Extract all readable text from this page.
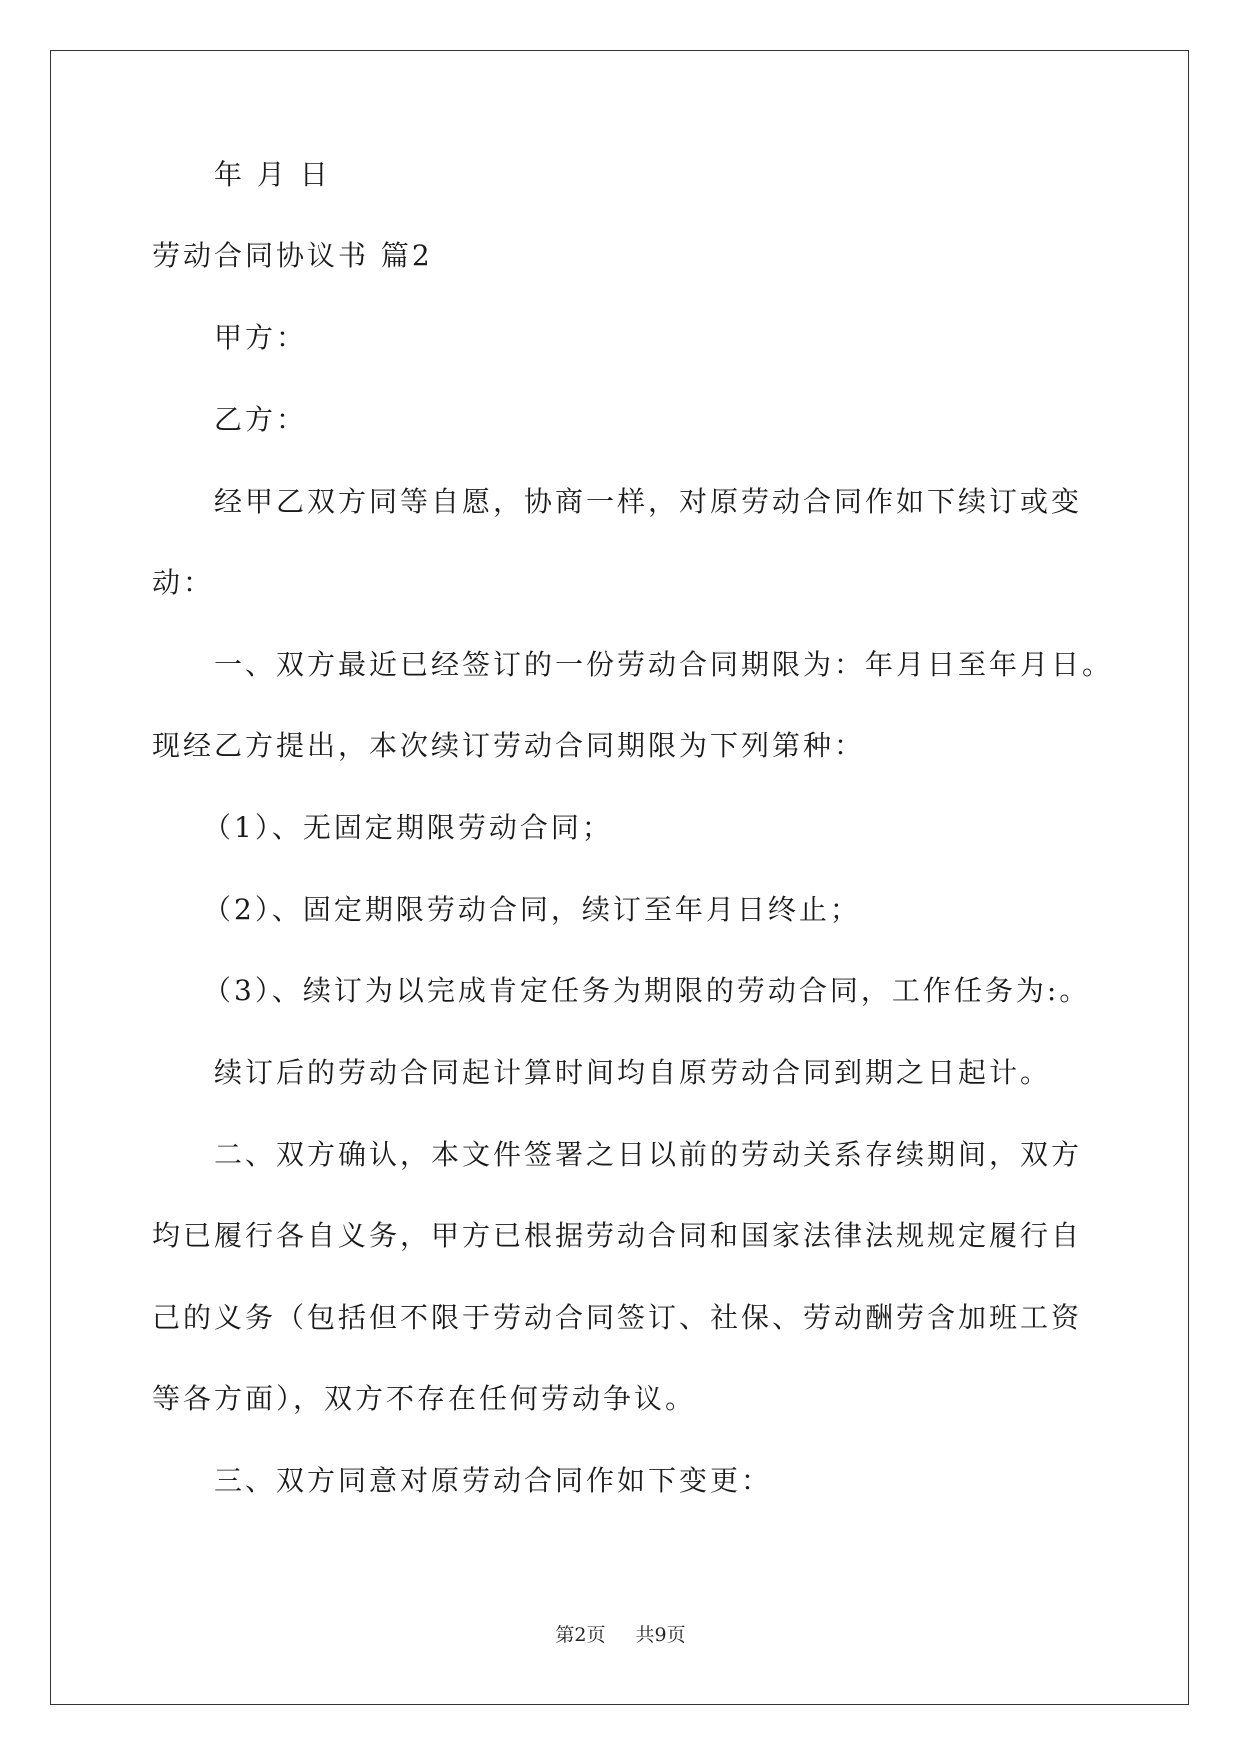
年 月 日

劳动合同协议书 篇2

甲方：

乙方：

经甲乙双方同等自愿，协商一样，对原劳动合同作如下续订或变

动：

一、双方最近已经签订的一份劳动合同期限为：年月日至年月日。

现经乙方提出，本次续订劳动合同期限为下列第种：

（1）、无固定期限劳动合同；

（2）、固定期限劳动合同，续订至年月日终止；

（3）、续订为以完成肯定任务为期限的劳动合同，工作任务为:。

续订后的劳动合同起计算时间均自原劳动合同到期之日起计。

二、双方确认，本文件签署之日以前的劳动关系存续期间，双方

均已履行各自义务，甲方已根据劳动合同和国家法律法规规定履行自

己的义务（包括但不限于劳动合同签订、社保、劳动酬劳含加班工资

等各方面），双方不存在任何劳动争议。

三、双方同意对原劳动合同作如下变更：

第2页 共9页
